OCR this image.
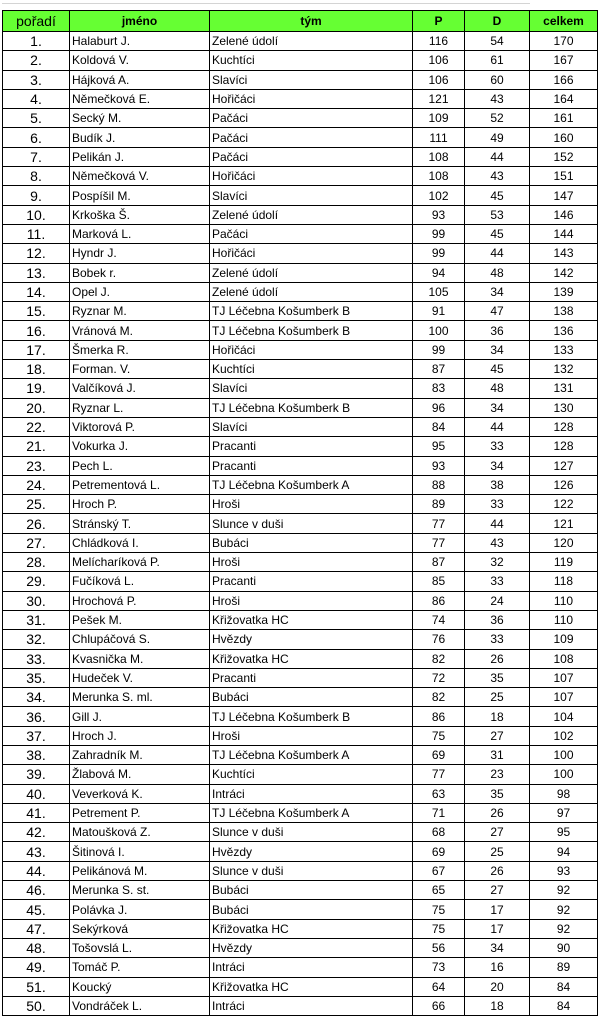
pořadí	jméno	tým	P	D	celkem
1.	Halaburt J.	Zelené údolí	116	54	170
2.	Koldová V.	Kuchtíci	106	61	167
3.	Hájková A.	Slavíci	106	60	166
4.	Němečková E.	Hořičáci	121	43	164
5.	Secký M.	Pačáci	109	52	161
6.	Budík J.	Pačáci	111	49	160
7.	Pelikán J.	Pačáci	108	44	152
8.	Němečková V.	Hořičáci	108	43	151
9.	Pospíšil M.	Slavíci	102	45	147
10.	Krkoška Š.	Zelené údolí	93	53	146
11.	Marková L.	Pačáci	99	45	144
12.	Hyndr J.	Hořičáci	99	44	143
13.	Bobek r.	Zelené údolí	94	48	142
14.	Opel J.	Zelené údolí	105	34	139
15.	Ryznar M.	TJ Léčebna Košumberk B	91	47	138
16.	Vránová M.	TJ Léčebna Košumberk B	100	36	136
17.	Šmerka R.	Hořičáci	99	34	133
18.	Forman. V.	Kuchtíci	87	45	132
19.	Valčíková J.	Slavíci	83	48	131
20.	Ryznar L.	TJ Léčebna Košumberk B	96	34	130
22.	Viktorová P.	Slavíci	84	44	128
21.	Vokurka J.	Pracanti	95	33	128
23.	Pech L.	Pracanti	93	34	127
24.	Petrementová L.	TJ Léčebna Košumberk A	88	38	126
25.	Hroch P.	Hroši	89	33	122
26.	Stránský T.	Slunce v duši	77	44	121
27.	Chládková I.	Bubáci	77	43	120
28.	Melícharíková P.	Hroši	87	32	119
29.	Fučíková L.	Pracanti	85	33	118
30.	Hrochová P.	Hroši	86	24	110
31.	Pešek M.	Křižovatka HC	74	36	110
32.	Chlupáčová S.	Hvězdy	76	33	109
33.	Kvasnička M.	Křižovatka HC	82	26	108
35.	Hudeček V.	Pracanti	72	35	107
34.	Merunka S. ml.	Bubáci	82	25	107
36.	Gill J.	TJ Léčebna Košumberk B	86	18	104
37.	Hroch J.	Hroši	75	27	102
38.	Zahradník M.	TJ Léčebna Košumberk A	69	31	100
39.	Žlabová M.	Kuchtíci	77	23	100
40.	Veverková K.	Intráci	63	35	98
41.	Petrement P.	TJ Léčebna Košumberk A	71	26	97
42.	Matoušková Z.	Slunce v duši	68	27	95
43.	Šitinová I.	Hvězdy	69	25	94
44.	Pelikánová M.	Slunce v duši	67	26	93
46.	Merunka S. st.	Bubáci	65	27	92
45.	Polávka J.	Bubáci	75	17	92
47.	Sekýrková	Křižovatka HC	75	17	92
48.	Tošovslá L.	Hvězdy	56	34	90
49.	Tomáč P.	Intráci	73	16	89
51.	Koucký	Křižovatka HC	64	20	84
50.	Vondráček L.	Intráci	66	18	84
